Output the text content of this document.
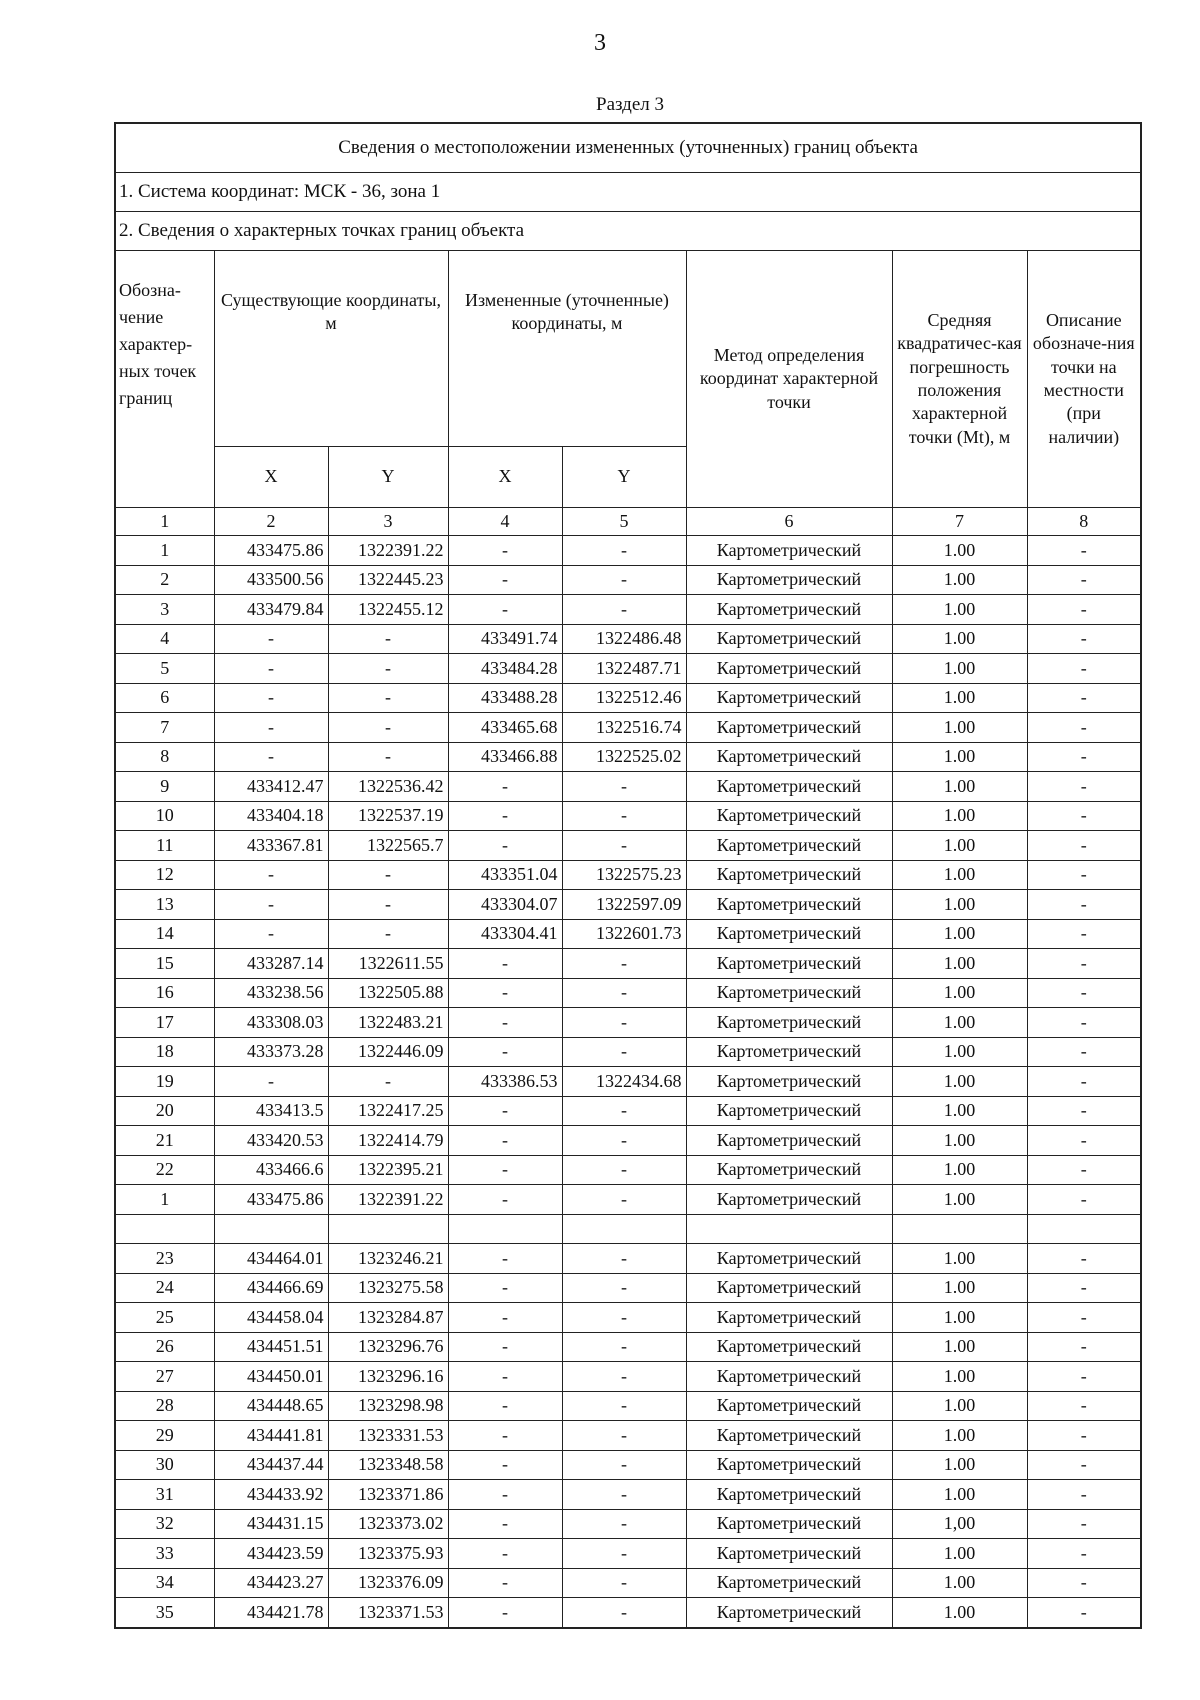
3
Раздел 3
Сведения о местоположении измененных (уточненных) границ объекта							
1. Система координат: МСК - 36, зона 1							
2. Сведения о характерных точках границ объекта							
Обозна-чение характер-ных точек границ	Существующие координаты, м		Измененные (уточненные) координаты, м		Метод определения координат характерной точки	Средняя квадратичес-кая погрешность положения характерной точки (Mt), м	Описание обозначе-ния точки на местности (при наличии)
	X	Y	X	Y			
1	2	3	4	5	6	7	8
1	433475.86	1322391.22	-	-	Картометрический	1.00	-
2	433500.56	1322445.23	-	-	Картометрический	1.00	-
3	433479.84	1322455.12	-	-	Картометрический	1.00	-
4	-	-	433491.74	1322486.48	Картометрический	1.00	-
5	-	-	433484.28	1322487.71	Картометрический	1.00	-
6	-	-	433488.28	1322512.46	Картометрический	1.00	-
7	-	-	433465.68	1322516.74	Картометрический	1.00	-
8	-	-	433466.88	1322525.02	Картометрический	1.00	-
9	433412.47	1322536.42	-	-	Картометрический	1.00	-
10	433404.18	1322537.19	-	-	Картометрический	1.00	-
11	433367.81	1322565.7	-	-	Картометрический	1.00	-
12	-	-	433351.04	1322575.23	Картометрический	1.00	-
13	-	-	433304.07	1322597.09	Картометрический	1.00	-
14	-	-	433304.41	1322601.73	Картометрический	1.00	-
15	433287.14	1322611.55	-	-	Картометрический	1.00	-
16	433238.56	1322505.88	-	-	Картометрический	1.00	-
17	433308.03	1322483.21	-	-	Картометрический	1.00	-
18	433373.28	1322446.09	-	-	Картометрический	1.00	-
19	-	-	433386.53	1322434.68	Картометрический	1.00	-
20	433413.5	1322417.25	-	-	Картометрический	1.00	-
21	433420.53	1322414.79	-	-	Картометрический	1.00	-
22	433466.6	1322395.21	-	-	Картометрический	1.00	-
1	433475.86	1322391.22	-	-	Картометрический	1.00	-

23	434464.01	1323246.21	-	-	Картометрический	1.00	-
24	434466.69	1323275.58	-	-	Картометрический	1.00	-
25	434458.04	1323284.87	-	-	Картометрический	1.00	-
26	434451.51	1323296.76	-	-	Картометрический	1.00	-
27	434450.01	1323296.16	-	-	Картометрический	1.00	-
28	434448.65	1323298.98	-	-	Картометрический	1.00	-
29	434441.81	1323331.53	-	-	Картометрический	1.00	-
30	434437.44	1323348.58	-	-	Картометрический	1.00	-
31	434433.92	1323371.86	-	-	Картометрический	1.00	-
32	434431.15	1323373.02	-	-	Картометрический	1,00	-
33	434423.59	1323375.93	-	-	Картометрический	1.00	-
34	434423.27	1323376.09	-	-	Картометрический	1.00	-
35	434421.78	1323371.53	-	-	Картометрический	1.00	-
